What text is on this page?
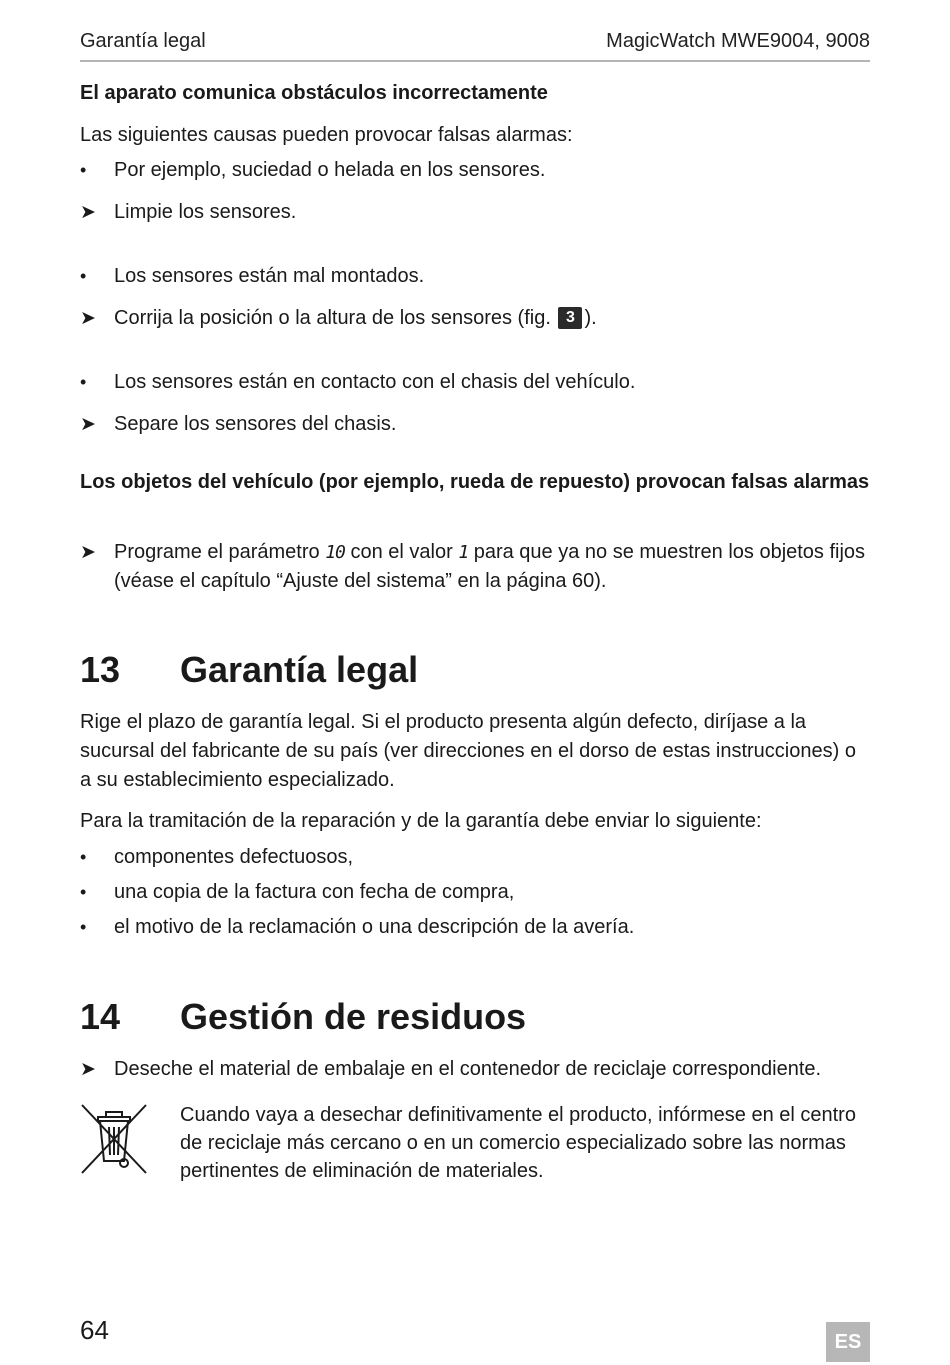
Garantía legal	MagicWatch MWE9004, 9008
El aparato comunica obstáculos incorrectamente
Las siguientes causas pueden provocar falsas alarmas:
•	Por ejemplo, suciedad o helada en los sensores.
➤ Limpie los sensores.
•	Los sensores están mal montados.
➤ Corrija la posición o la altura de los sensores (fig. 3 ).
•	Los sensores están en contacto con el chasis del vehículo.
➤ Separe los sensores del chasis.
Los objetos del vehículo (por ejemplo, rueda de repuesto) provocan falsas alarmas
➤ Programe el parámetro 10 con el valor 1 para que ya no se muestren los objetos fijos (véase el capítulo “Ajuste del sistema” en la página 60).
13 Garantía legal
Rige el plazo de garantía legal. Si el producto presenta algún defecto, diríjase a la sucursal del fabricante de su país (ver direcciones en el dorso de estas instrucciones) o a su establecimiento especializado.
Para la tramitación de la reparación y de la garantía debe enviar lo siguiente:
•	componentes defectuosos,
•	una copia de la factura con fecha de compra,
•	el motivo de la reclamación o una descripción de la avería.
14 Gestión de residuos
➤ Deseche el material de embalaje en el contenedor de reciclaje correspondiente.
Cuando vaya a desechar definitivamente el producto, infórmese en el centro de reciclaje más cercano o en un comercio especializado sobre las normas pertinentes de eliminación de materiales.
64	ES
